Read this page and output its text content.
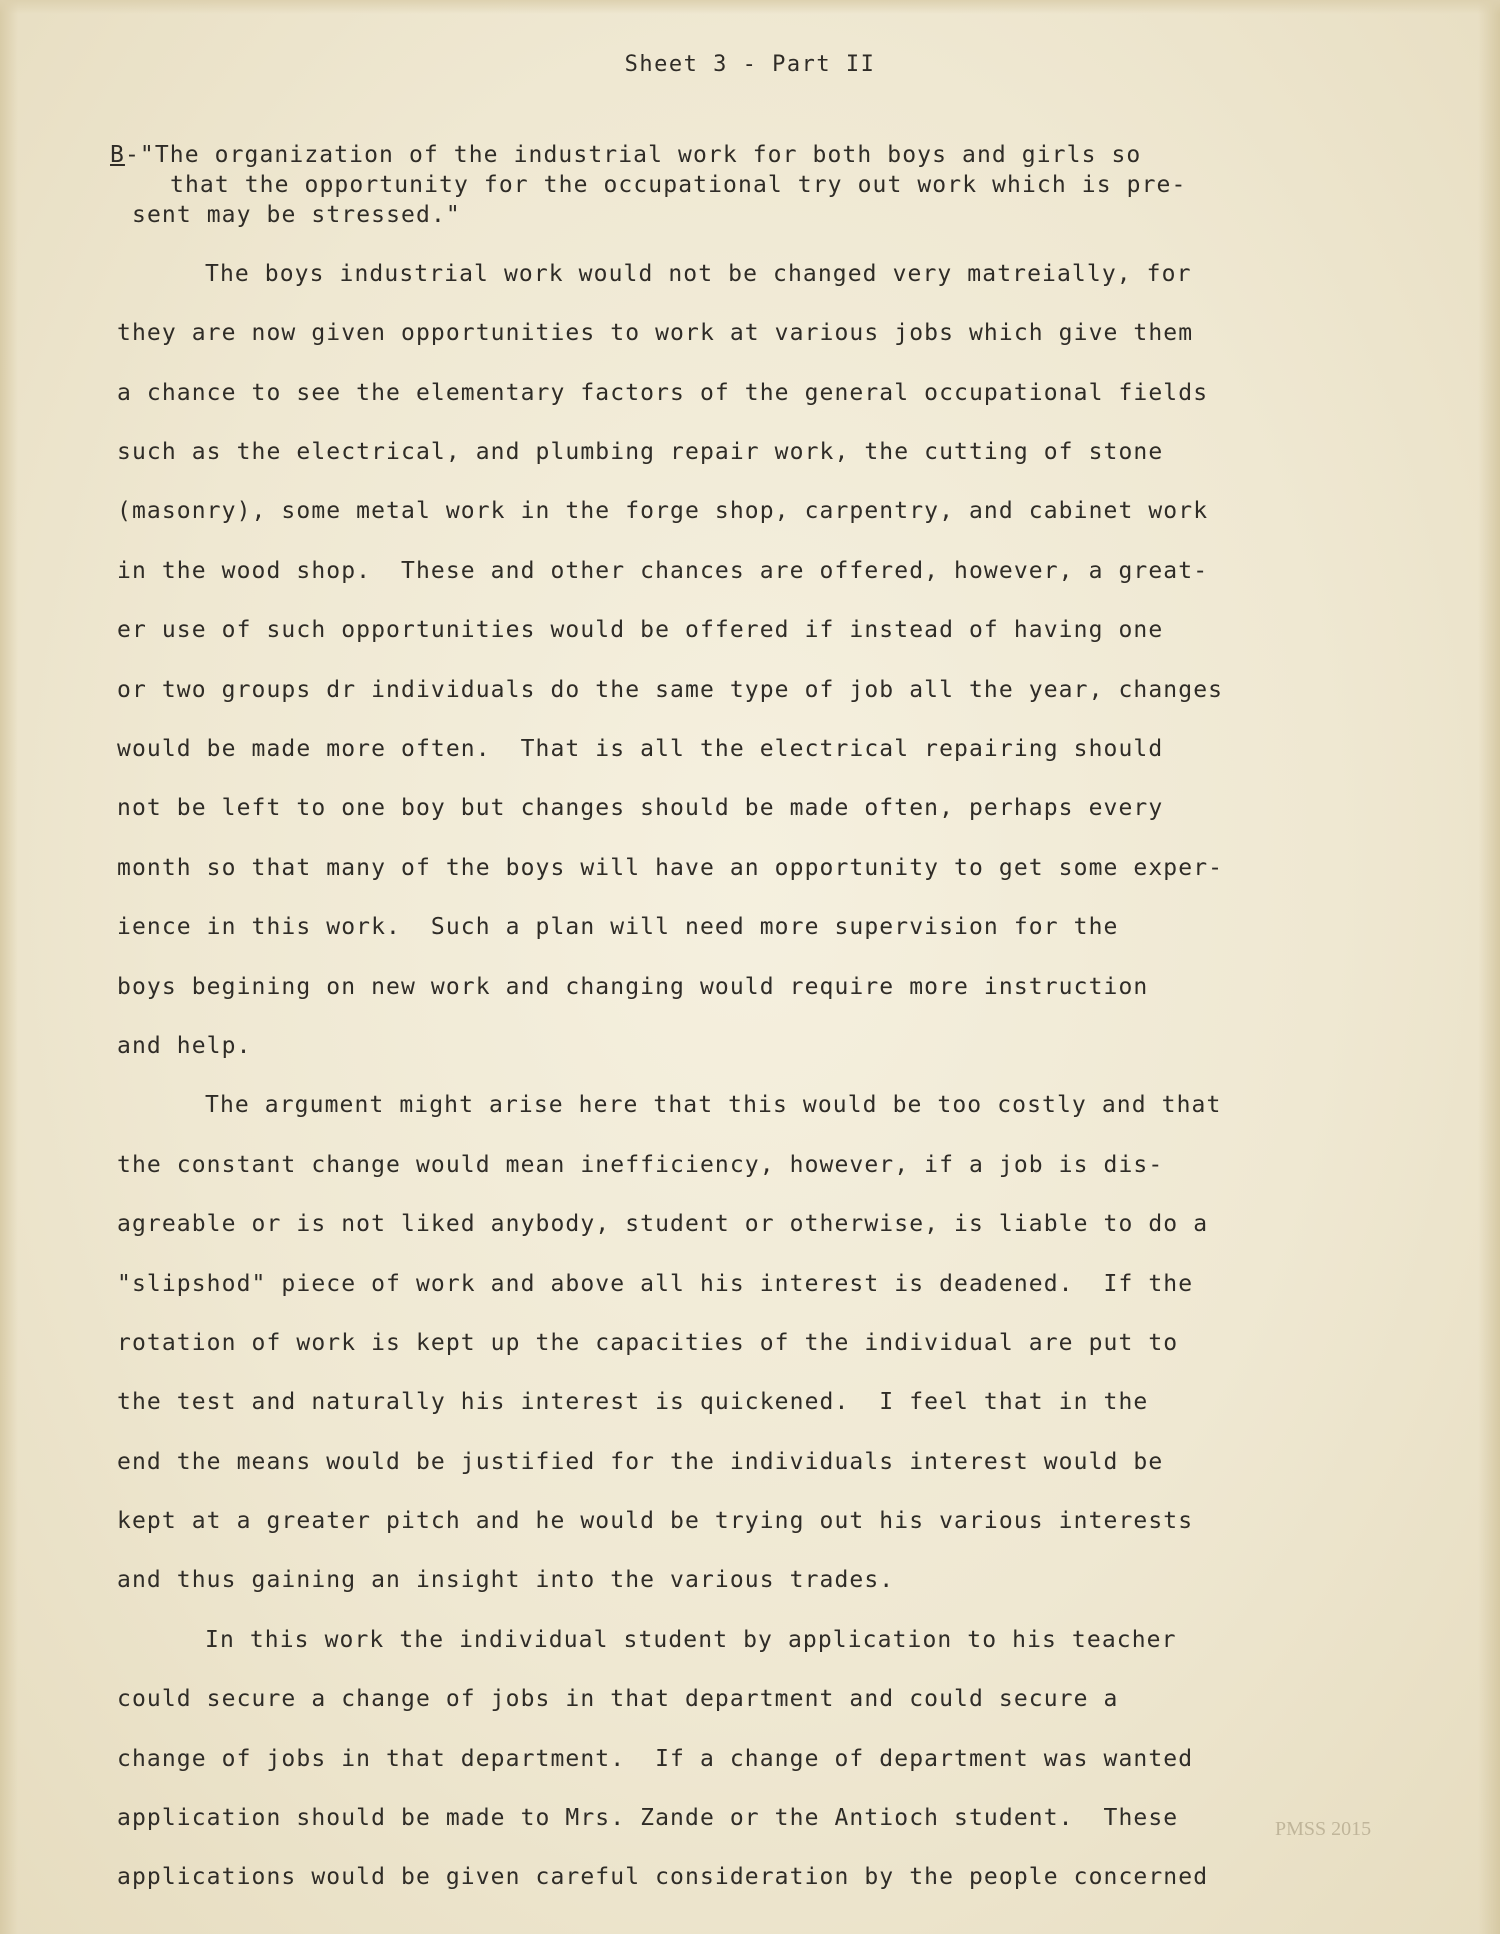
Sheet 3 - Part II
B-"The organization of the industrial work for both boys and girls so
that the opportunity for the occupational try out work which is pre-
sent may be stressed."
The boys industrial work would not be changed very matreially, for
they are now given opportunities to work at various jobs which give them
a chance to see the elementary factors of the general occupational fields
such as the electrical, and plumbing repair work, the cutting of stone
(masonry), some metal work in the forge shop, carpentry, and cabinet work
in the wood shop.  These and other chances are offered, however, a great-
er use of such opportunities would be offered if instead of having one
or two groups dr individuals do the same type of job all the year, changes
would be made more often.  That is all the electrical repairing should
not be left to one boy but changes should be made often, perhaps every
month so that many of the boys will have an opportunity to get some exper-
ience in this work.  Such a plan will need more supervision for the
boys begining on new work and changing would require more instruction
and help.
The argument might arise here that this would be too costly and that
the constant change would mean inefficiency, however, if a job is dis-
agreable or is not liked anybody, student or otherwise, is liable to do a
"slipshod" piece of work and above all his interest is deadened.  If the
rotation of work is kept up the capacities of the individual are put to
the test and naturally his interest is quickened.  I feel that in the
end the means would be justified for the individuals interest would be
kept at a greater pitch and he would be trying out his various interests
and thus gaining an insight into the various trades.
In this work the individual student by application to his teacher
could secure a change of jobs in that department and could secure a
change of jobs in that department.  If a change of department was wanted
application should be made to Mrs. Zande or the Antioch student.  These
applications would be given careful consideration by the people concerned
PMSS 2015
